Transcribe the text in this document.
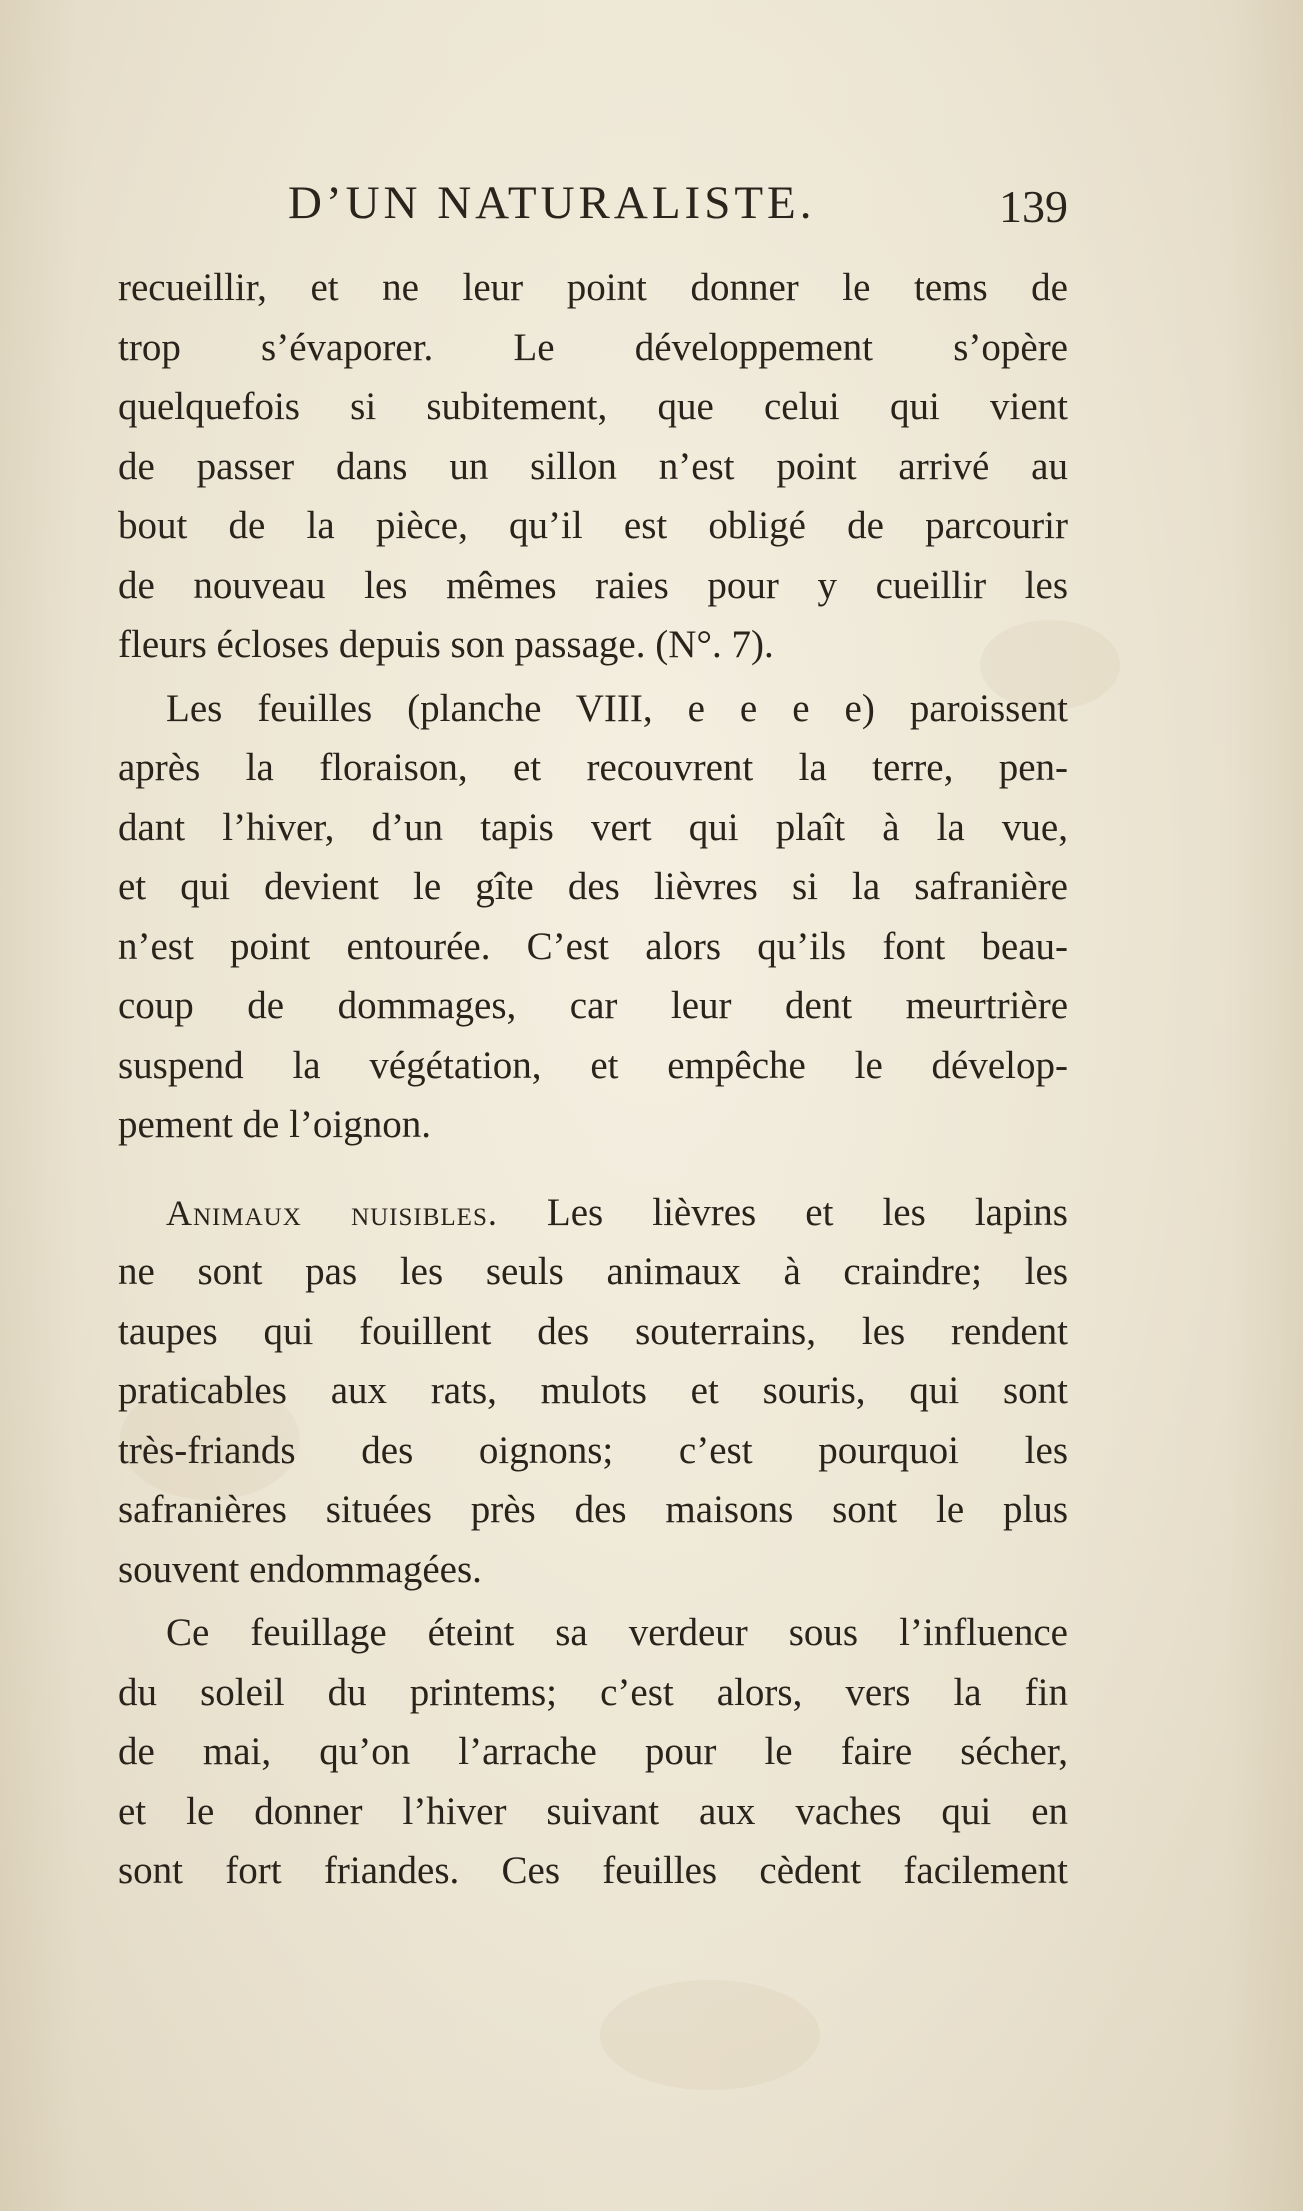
D’UN NATURALISTE.	139
recueillir, et ne leur point donner le tems de
trop s’évaporer. Le développement s’opère
quelquefois si subitement, que celui qui vient
de passer dans un sillon n’est point arrivé au
bout de la pièce, qu’il est obligé de parcourir
de nouveau les mêmes raies pour y cueillir les
fleurs écloses depuis son passage. (N°. 7).
Les feuilles (planche VIII, e e e e) paroissent
après la floraison, et recouvrent la terre, pen-
dant l’hiver, d’un tapis vert qui plaît à la vue,
et qui devient le gîte des lièvres si la safranière
n’est point entourée. C’est alors qu’ils font beau-
coup de dommages, car leur dent meurtrière
suspend la végétation, et empêche le dévelop-
pement de l’oignon.
Animaux nuisibles. Les lièvres et les lapins
ne sont pas les seuls animaux à craindre; les
taupes qui fouillent des souterrains, les rendent
praticables aux rats, mulots et souris, qui sont
très-friands des oignons; c’est pourquoi les
safranières situées près des maisons sont le plus
souvent endommagées.
Ce feuillage éteint sa verdeur sous l’influence
du soleil du printems; c’est alors, vers la fin
de mai, qu’on l’arrache pour le faire sécher,
et le donner l’hiver suivant aux vaches qui en
sont fort friandes. Ces feuilles cèdent facilement
